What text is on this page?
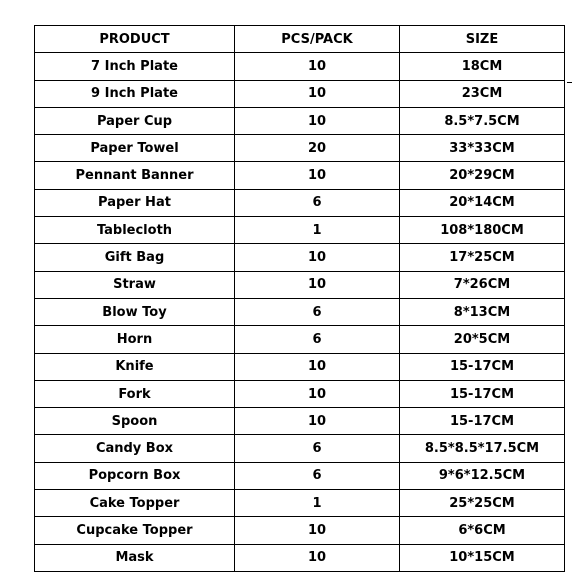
PRODUCT	PCS/PACK	SIZE
7 Inch Plate	10	18CM
9 Inch Plate	10	23CM
Paper Cup	10	8.5*7.5CM
Paper Towel	20	33*33CM
Pennant Banner	10	20*29CM
Paper Hat	6	20*14CM
Tablecloth	1	108*180CM
Gift Bag	10	17*25CM
Straw	10	7*26CM
Blow Toy	6	8*13CM
Horn	6	20*5CM
Knife	10	15-17CM
Fork	10	15-17CM
Spoon	10	15-17CM
Candy Box	6	8.5*8.5*17.5CM
Popcorn Box	6	9*6*12.5CM
Cake Topper	1	25*25CM
Cupcake Topper	10	6*6CM
Mask	10	10*15CM
